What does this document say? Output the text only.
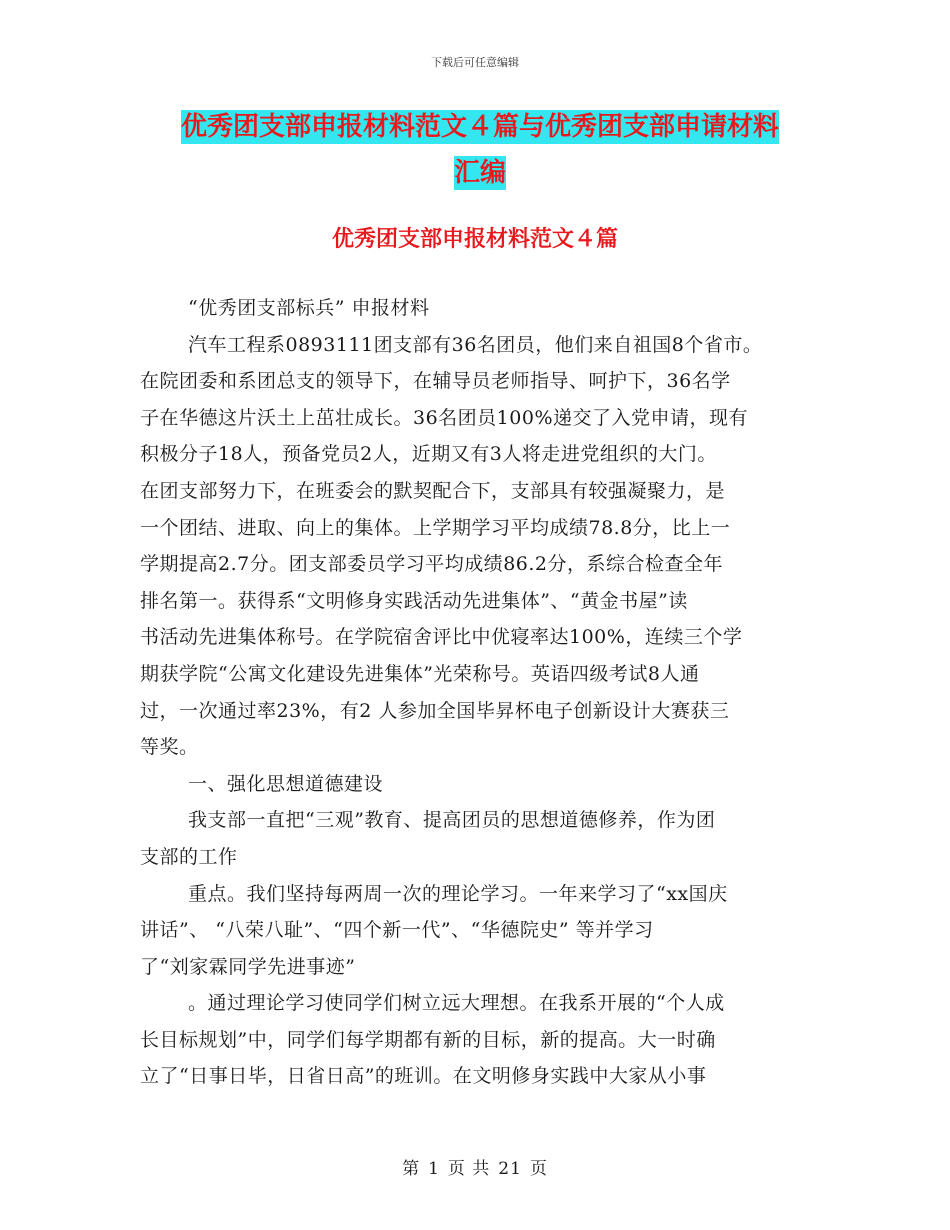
下载后可任意编辑
优秀团支部申报材料范文４篇与优秀团支部申请材料
汇编
优秀团支部申报材料范文４篇

“优秀团支部标兵” 申报材料

汽车工程系0893111团支部有36名团员，他们来自祖国8个省市。

在院团委和系团总支的领导下，在辅导员老师指导、呵护下，36名学

子在华德这片沃土上茁壮成长。36名团员100%递交了入党申请，现有

积极分子18人，预备党员2人，近期又有3人将走进党组织的大门。

在团支部努力下，在班委会的默契配合下，支部具有较强凝聚力，是

一个团结、进取、向上的集体。上学期学习平均成绩78.8分，比上一

学期提高2.7分。团支部委员学习平均成绩86.2分，系综合检查全年

排名第一。获得系“文明修身实践活动先进集体”、“黄金书屋”读

书活动先进集体称号。在学院宿舍评比中优寝率达100%，连续三个学

期获学院“公寓文化建设先进集体”光荣称号。英语四级考试8人通

过，一次通过率23%，有2 人参加全国毕昇杯电子创新设计大赛获三

等奖。

一、强化思想道德建设

我支部一直把“三观”教育、提高团员的思想道德修养，作为团

支部的工作

重点。我们坚持每两周一次的理论学习。一年来学习了“xx国庆

讲话”、 “八荣八耻”、“四个新一代”、“华德院史” 等并学习

了“刘家霖同学先进事迹”

。通过理论学习使同学们树立远大理想。在我系开展的“个人成

长目标规划”中，同学们每学期都有新的目标，新的提高。大一时确

立了“日事日毕，日省日高”的班训。在文明修身实践中大家从小事

第 1 页 共 21 页
